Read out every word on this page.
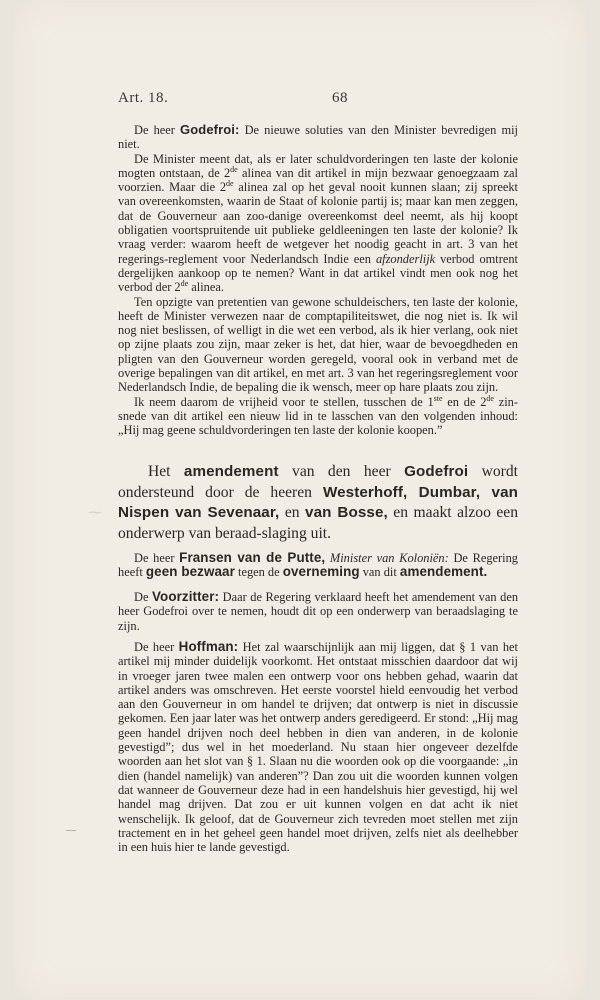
Art. 18.	68

De heer Godefroi: De nieuwe soluties van den Minister bevredigen mij niet.

De Minister meent dat, als er later schuldvorderingen ten laste der kolonie mogten ontstaan, de 2de alinea van dit artikel in mijn bezwaar genoegzaam zal voorzien. Maar die 2de alinea zal op het geval nooit kunnen slaan; zij spreekt van overeenkomsten, waarin de Staat of kolonie partij is; maar kan men zeggen, dat de Gouverneur aan zoo-danige overeenkomst deel neemt, als hij koopt obligatien voortspruitende uit publieke geldleeningen ten laste der kolonie? Ik vraag verder: waarom heeft de wetgever het noodig geacht in art. 3 van het regerings-reglement voor Nederlandsch Indie een afzonderlijk verbod omtrent dergelijken aankoop op te nemen? Want in dat artikel vindt men ook nog het verbod der 2de alinea.

Ten opzigte van pretentien van gewone schuldeischers, ten laste der kolonie, heeft de Minister verwezen naar de comptapiliteitswet, die nog niet is. Ik wil nog niet beslissen, of welligt in die wet een verbod, als ik hier verlang, ook niet op zijne plaats zou zijn, maar zeker is het, dat hier, waar de bevoegdheden en pligten van den Gouverneur worden geregeld, vooral ook in verband met de overige bepalingen van dit artikel, en met art. 3 van het regeringsreglement voor Nederlandsch Indie, de bepaling die ik wensch, meer op hare plaats zou zijn.

Ik neem daarom de vrijheid voor te stellen, tusschen de 1ste en de 2de zin-snede van dit artikel een nieuw lid in te lasschen van den volgenden inhoud: „Hij mag geene schuldvorderingen ten laste der kolonie koopen.”

Het amendement van den heer Godefroi wordt ondersteund door de heeren Westerhoff, Dumbar, van Nispen van Sevenaar, en van Bosse, en maakt alzoo een onderwerp van beraad-slaging uit.

De heer Fransen van de Putte, Minister van Koloniën: De Regering heeft geen bezwaar tegen de overneming van dit amendement.

De Voorzitter: Daar de Regering verklaard heeft het amendement van den heer Godefroi over te nemen, houdt dit op een onderwerp van beraadslaging te zijn.

De heer Hoffman: Het zal waarschijnlijk aan mij liggen, dat § 1 van het artikel mij minder duidelijk voorkomt. Het ontstaat misschien daardoor dat wij in vroeger jaren twee malen een ontwerp voor ons hebben gehad, waarin dat artikel anders was omschreven. Het eerste voorstel hield eenvoudig het verbod aan den Gouverneur in om handel te drijven; dat ontwerp is niet in discussie gekomen. Een jaar later was het ontwerp anders geredigeerd. Er stond: „Hij mag geen handel drijven noch deel hebben in dien van anderen, in de kolonie gevestigd”; dus wel in het moederland. Nu staan hier ongeveer dezelfde woorden aan het slot van § 1. Slaan nu die woorden ook op die voorgaande: „in dien (handel namelijk) van anderen”? Dan zou uit die woorden kunnen volgen dat wanneer de Gouverneur deze had in een handelshuis hier gevestigd, hij wel handel mag drijven. Dat zou er uit kunnen volgen en dat acht ik niet wenschelijk. Ik geloof, dat de Gouverneur zich tevreden moet stellen met zijn tractement en in het geheel geen handel moet drijven, zelfs niet als deelhebber in een huis hier te lande gevestigd.

⁓
